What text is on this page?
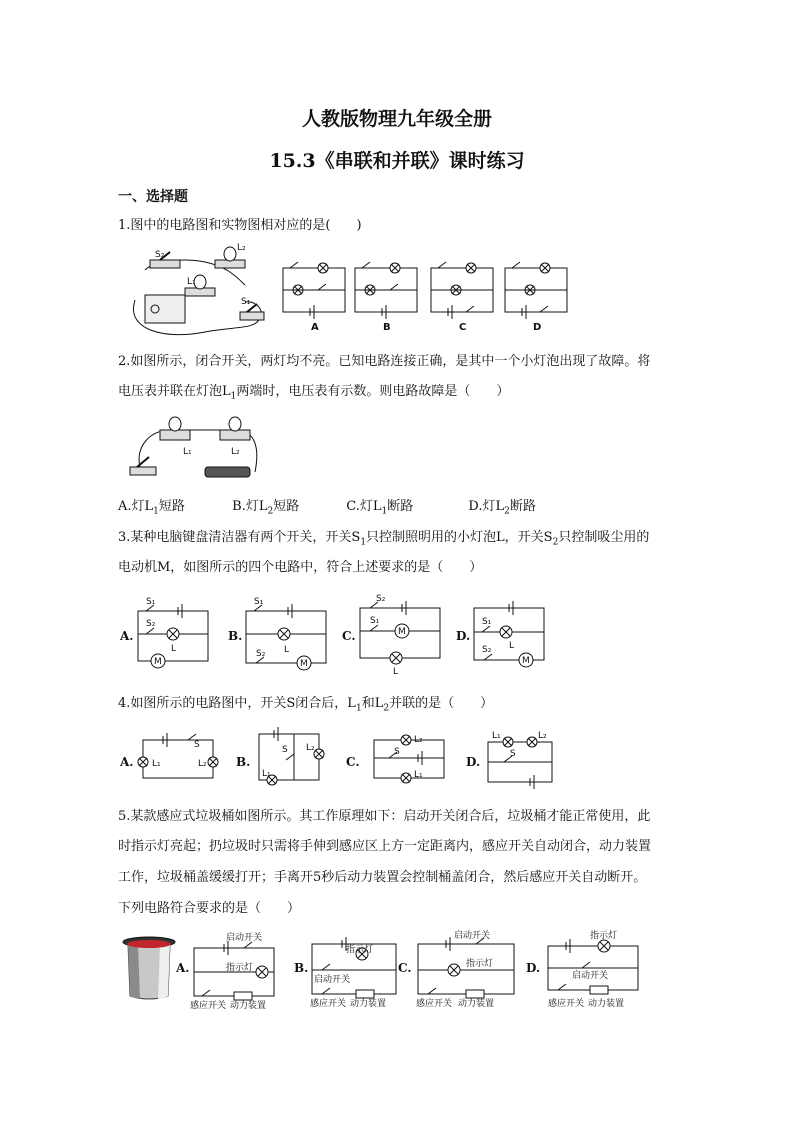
人教版物理九年级全册
15.3《串联和并联》课时练习
一、选择题
1.图中的电路图和实物图相对应的是(　　)
S₂
L₂
L₁
S₁
A	B	C	D
2.如图所示，闭合开关，两灯均不亮。已知电路连接正确，是其中一个小灯泡出现了故障。将
电压表并联在灯泡$L_1$两端时，电压表有示数。则电路故障是（　　）
L₁	L₂
A.灯$L_1$短路	B.灯$L_2$短路	C.灯$L_1$断路	D.灯$L_2$断路
3.某种电脑键盘清洁器有两个开关，开关$S_1$只控制照明用的小灯泡L，开关$S_2$只控制吸尘用的
电动机M，如图所示的四个电路中，符合上述要求的是（　　）
A.
M
S₁
S₂
L
B.
M
S₁
S₂ L
C.	M
S₂
S₁
L
D.
M
S₁
S₂ L
4.如图所示的电路图中，开关S闭合后，$L_1$和$L_2$并联的是（　　）
A.
S
L₁	L₂ B.
S L₂
L₁
C.
L₂
S
L₁
D.
L₁	L₂
S
5.某款感应式垃圾桶如图所示。其工作原理如下：启动开关闭合后，垃圾桶才能正常使用，此
时指示灯亮起；扔垃圾时只需将手伸到感应区上方一定距离内，感应开关自动闭合，动力装置
工作，垃圾桶盖缓缓打开；手离开5秒后动力装置会控制桶盖闭合，然后感应开关自动断开。
下列电路符合要求的是（　　）
A.
启动开关
指示灯
感应开关 动力装置
B.
指示灯
启动开关
感应开关 动力装置
C.
启动开关
指示灯
感应开关 动力装置
D.
指示灯
启动开关
感应开关 动力装置
